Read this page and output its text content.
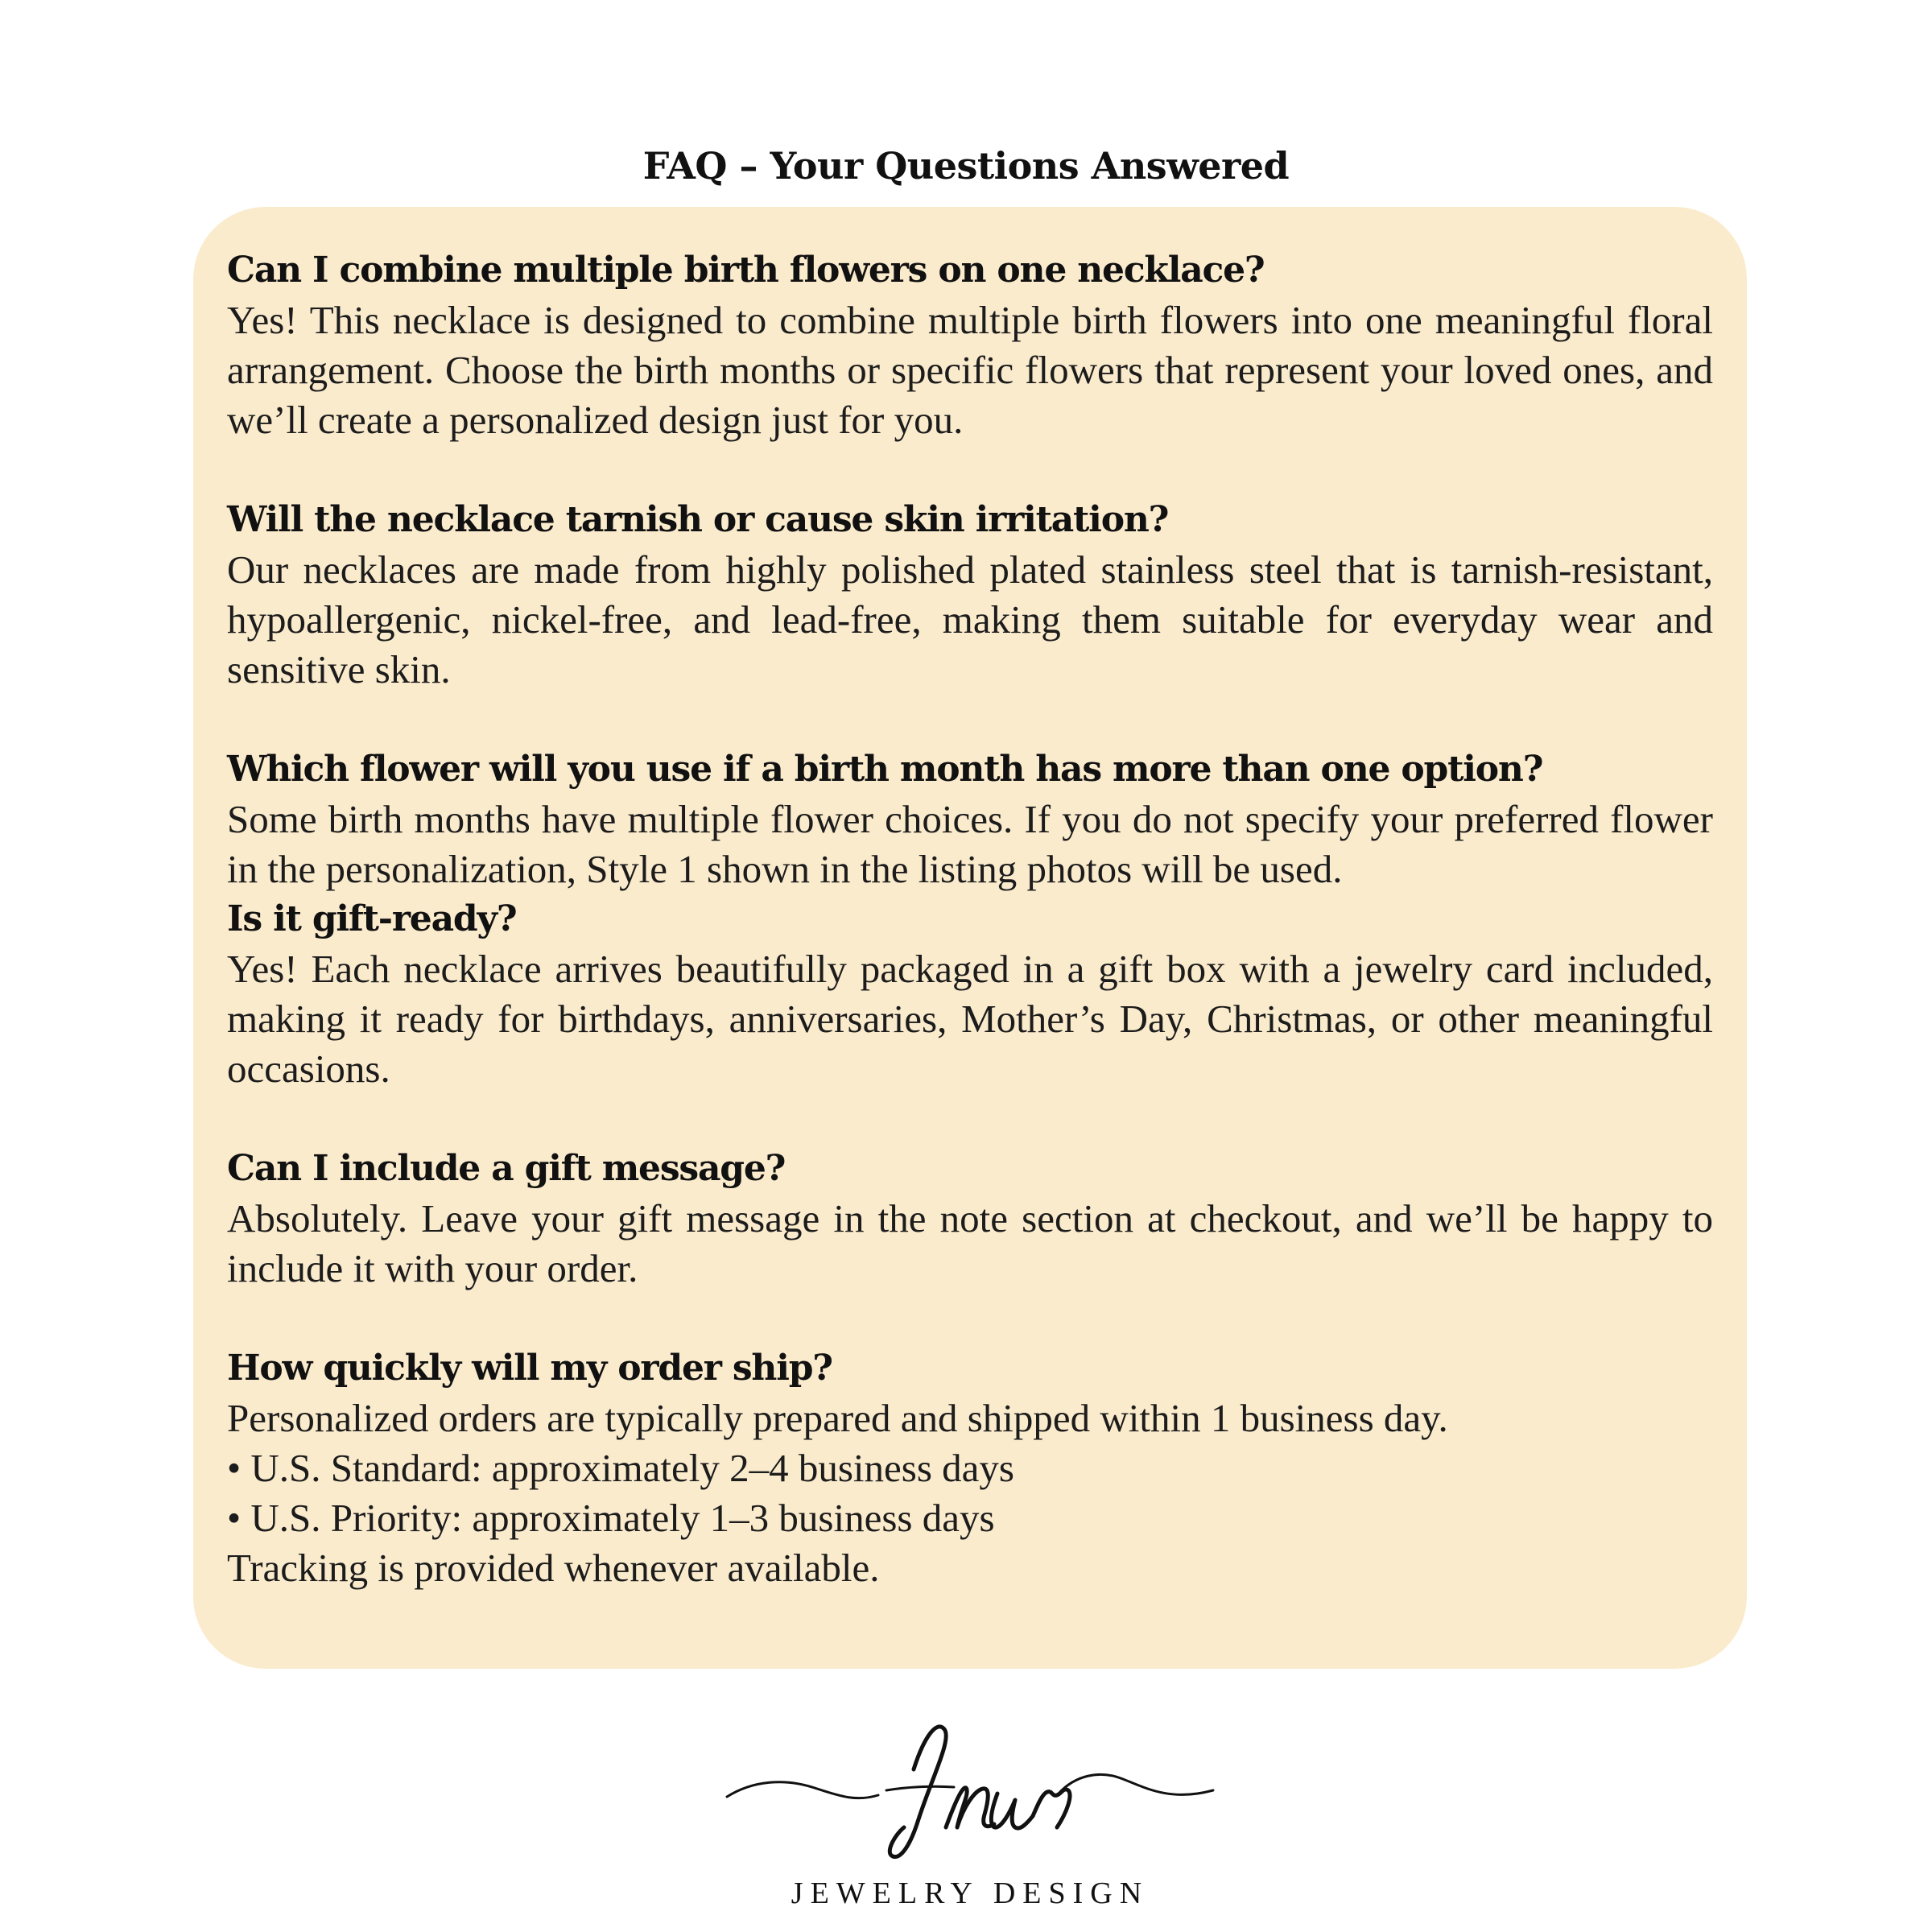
FAQ – Your Questions Answered
Can I combine multiple birth flowers on one necklace?
Yes! This necklace is designed to combine multiple birth flowers into one meaningful floral arrangement. Choose the birth months or specific flowers that represent your loved ones, and we’ll create a personalized design just for you.
Will the necklace tarnish or cause skin irritation?
Our necklaces are made from highly polished plated stainless steel that is tarnish-resistant, hypoallergenic, nickel-free, and lead-free, making them suitable for everyday wear and sensitive skin.
Which flower will you use if a birth month has more than one option?
Some birth months have multiple flower choices. If you do not specify your preferred flower in the personalization, Style 1 shown in the listing photos will be used.
Is it gift-ready?
Yes! Each necklace arrives beautifully packaged in a gift box with a jewelry card included, making it ready for birthdays, anniversaries, Mother’s Day, Christmas, or other meaningful occasions.
Can I include a gift message?
Absolutely. Leave your gift message in the note section at checkout, and we’ll be happy to include it with your order.
How quickly will my order ship?
Personalized orders are typically prepared and shipped within 1 business day.
• U.S. Standard: approximately 2–4 business days
• U.S. Priority: approximately 1–3 business days
Tracking is provided whenever available.
JEWELRY DESIGN
